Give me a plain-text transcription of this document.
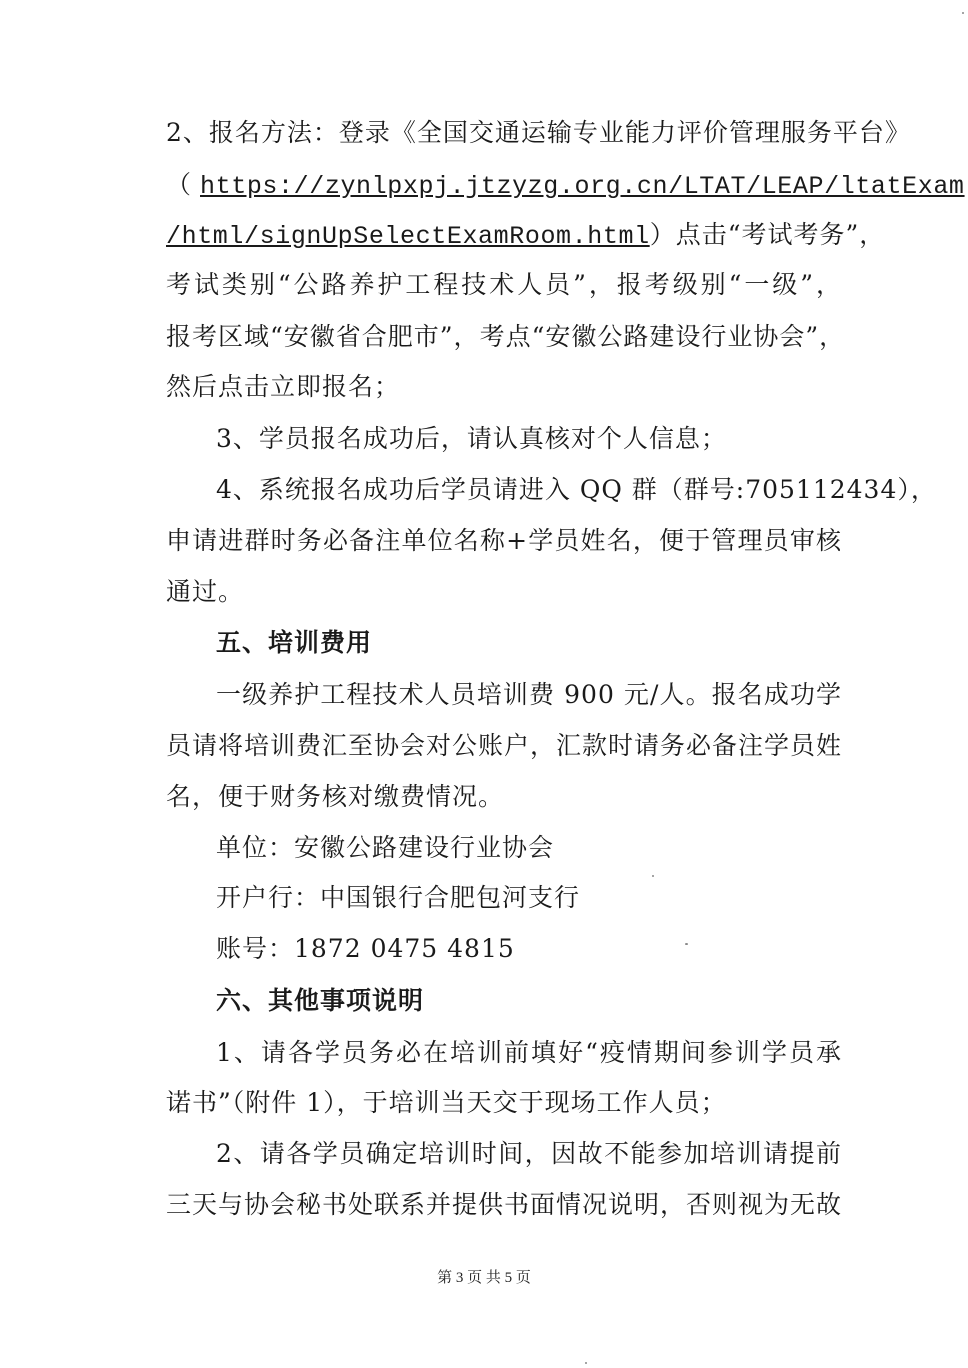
2、报名方法：登录《全国交通运输专业能力评价管理服务平台》
（ https://zynlpxpj.jtzyzg.org.cn/LTAT/LEAP/ltatExam
/html/signUpSelectExamRoom.html）点击“考试考务”，
考试类别“公路养护工程技术人员”，报考级别“一级”，
报考区域“安徽省合肥市”，考点“安徽公路建设行业协会”，
然后点击立即报名；
3、学员报名成功后，请认真核对个人信息；
4、系统报名成功后学员请进入 QQ 群（群号:705112434），
申请进群时务必备注单位名称+学员姓名，便于管理员审核
通过。
五、培训费用
一级养护工程技术人员培训费 900 元/人。报名成功学
员请将培训费汇至协会对公账户，汇款时请务必备注学员姓
名，便于财务核对缴费情况。
单位：安徽公路建设行业协会
开户行：中国银行合肥包河支行
账号：1872 0475 4815
六、其他事项说明
1、请各学员务必在培训前填好“疫情期间参训学员承
诺书”（附件 1），于培训当天交于现场工作人员；
2、请各学员确定培训时间，因故不能参加培训请提前
三天与协会秘书处联系并提供书面情况说明，否则视为无故
第 3 页 共 5 页
